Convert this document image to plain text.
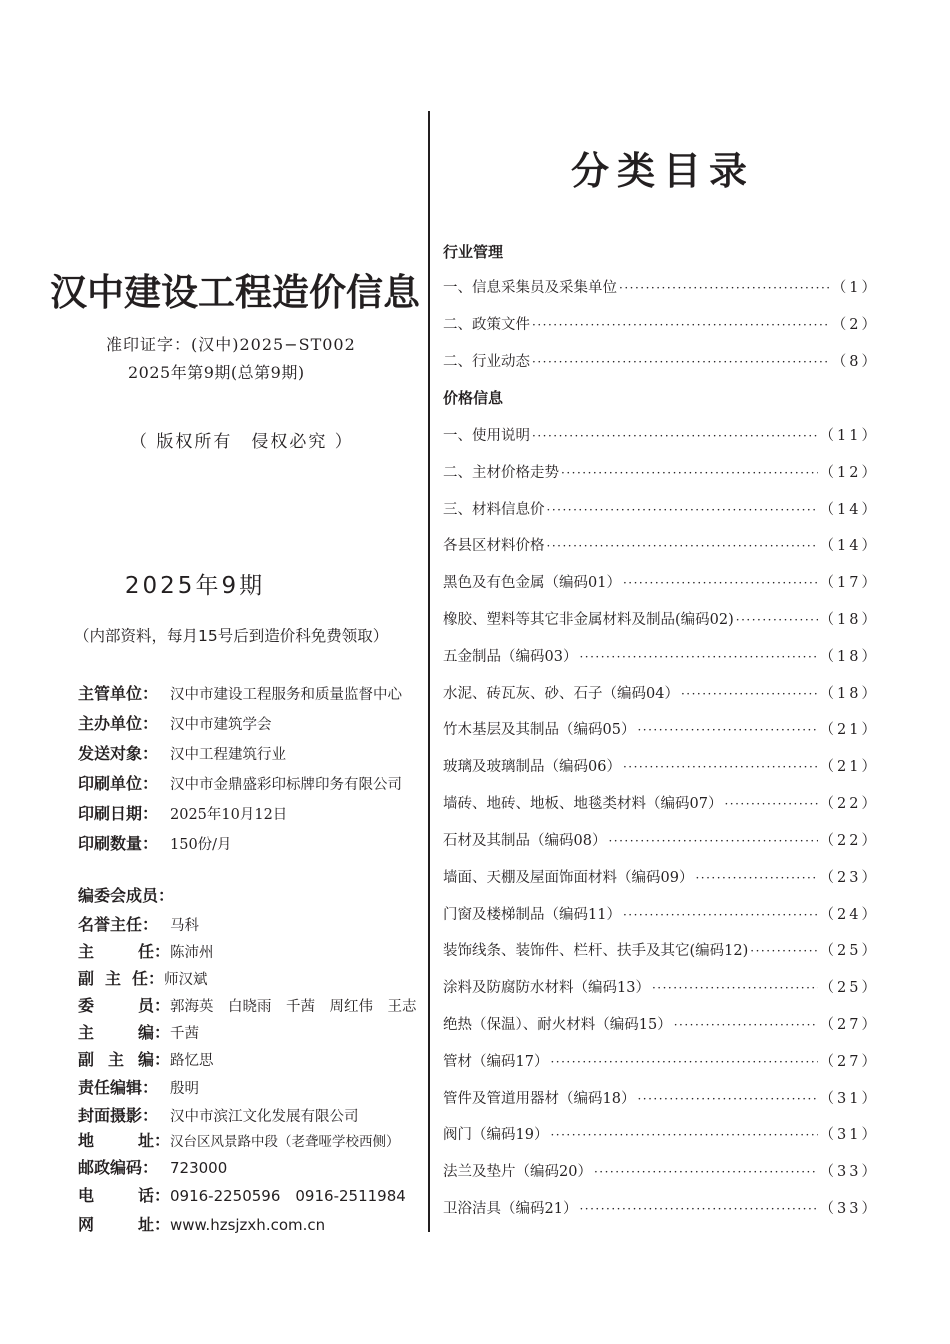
汉中建设工程造价信息
准印证字：(汉中)2025−ST002
2025年第9期(总第9期)
（ 版权所有　侵权必究 ）
2025年9期
（内部资料，每月15号后到造价科免费领取）
主管单位： 汉中市建设工程服务和质量监督中心
主办单位： 汉中市建筑学会
发送对象： 汉中工程建筑行业
印刷单位： 汉中市金鼎盛彩印标牌印务有限公司
印刷日期： 2025年10月12日
印刷数量： 150份/月
编委会成员：
名誉主任： 马科
主	任： 陈沛州
副 主 任： 师汉斌
委	员： 郭海英　白晓雨　千茜　周红伟　王志
主	编： 千茜
副 主 编： 路忆思
责任编辑： 殷明
封面摄影： 汉中市滨江文化发展有限公司
地	址： 汉台区风景路中段（老聋哑学校西侧）
邮政编码： 723000
电	话： 0916-2250596　0916-2511984
网	址： www.hzsjzxh.com.cn
分类目录
行业管理
一、信息采集员及采集单位 ·····	（1）
二、政策文件 ·····	（2）
二、行业动态 ·····	（8）
价格信息
一、使用说明 ·····	（11）
二、主材价格走势 ·····	（12）
三、材料信息价 ·····	（14）
各县区材料价格 ·····	（14）
黑色及有色金属（编码01） ·····	（17）
橡胶、塑料等其它非金属材料及制品(编码02) ·····	（18）
五金制品（编码03） ·····	（18）
水泥、砖瓦灰、砂、石子（编码04） ·····	（18）
竹木基层及其制品（编码05） ·····	（21）
玻璃及玻璃制品（编码06） ·····	（21）
墙砖、地砖、地板、地毯类材料（编码07） ·····	（22）
石材及其制品（编码08） ·····	（22）
墙面、天棚及屋面饰面材料（编码09） ·····	（23）
门窗及楼梯制品（编码11） ·····	（24）
装饰线条、装饰件、栏杆、扶手及其它(编码12) ·····	（25）
涂料及防腐防水材料（编码13） ·····	（25）
绝热（保温）、耐火材料（编码15） ·····	（27）
管材（编码17） ·····	（27）
管件及管道用器材（编码18） ·····	（31）
阀门（编码19） ·····	（31）
法兰及垫片（编码20） ·····	（33）
卫浴洁具（编码21） ·····	（33）
